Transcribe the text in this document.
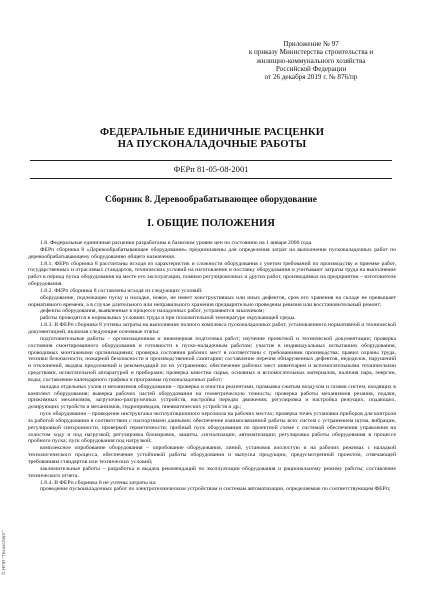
Приложение № 97
к приказу Министерства строительства и
жилищно-коммунального хозяйства
Российской Федерации
от 26 декабря 2019 г. № 876/пр
ФЕДЕРАЛЬНЫЕ ЕДИНИЧНЫЕ РАСЦЕНКИ
НА ПУСКОНАЛАДОЧНЫЕ РАБОТЫ
ФЕРп 81-05-08-2001
Сборник 8. Деревообрабатывающее оборудование
I. ОБЩИЕ ПОЛОЖЕНИЯ

1.8. Федеральные единичные расценки разработаны в базисном уровне цен по состоянию на 1 января 2000 года.

ФЕРп сборника 8 «Деревообрабатывающее оборудование» предназначены для определения затрат на выполнение пусконаладочных работ по деревообрабатывающему оборудованию общего назначения.

1.8.1. ФЕРп сборника 8 рассчитаны исходя из характеристик и сложности оборудования с учетом требований по производству и приемке работ, государственных и отраслевых стандартов, технических условий на изготовление и поставку оборудования и учитывают затраты труда на выполнение работ в период пуска оборудования на месте его эксплуатации, помимо регулировочных и других работ, производимых на предприятии – изготовителе оборудования.

1.8.2. ФЕРп сборника 8 составлены исходя из следующих условий:

оборудование, подлежащее пуску и наладке, новое, не имеет конструктивных или иных дефектов, срок его хранения на складе не превышает нормативного времени, а в случае длительного или неправильного хранения предварительно проведены ревизия или восстановительный ремонт;

дефекты оборудования, выявленные в процессе наладочных работ, устраняются заказчиком;

работы проводятся в нормальных условиях труда и при положительной температуре окружающей среды.

1.8.3. В ФЕРп сборника 8 учтены затраты на выполнение полного комплекса пусконаладочных работ, установленного нормативной и технической документацией, включая следующие основные этапы:

подготовительные работы – организационная и инженерная подготовка работ; изучение проектной и технической документации; проверка состояния смонтированного оборудования и готовности к пуско-наладочным работам; участие в индивидуальных испытаниях оборудования, проводимых монтажными организациями; проверка состояния рабочих мест в соответствии с требованиями производства; правил охраны труда, техники безопасности, пожарной безопасности и производственной санитарии; составление перечня обнаруженных дефектов, недоделок, нарушений и отклонений, выдача предложений и рекомендаций по их устранению; обеспечение рабочих мест инвентарем и вспомогательными техническими средствами, испытательной аппаратурой и приборами; проверка качества сырья, основных и вспомогательных материалов, наличия пара, энергии, воды; составление календарного графика и программы пусконаладочных работ;

наладка отдельных узлов и механизмов оборудования – проверка и очистка реагентами, промывка сжатым воздухом и газами систем, входящих в комплект оборудования; выверка рабочих частей оборудования на геометрическую точность; проверка работы механизмов резания, подачи, прижимных механизмов, загрузочно-разгрузочных устройств, настройка передач движения; регулировка и настройка режущих, подающих, дозирующих устройств и механизмов, гидроприводов, пневматических устройств и др.;

пуск оборудования – проведение инструктажа эксплуатационного персонала на рабочих местах; проверка точек установки приборов для контроля за работой оборудования в соответствии с паспортными данными; обеспечение взаимосвязанной работы всех систем с устранением шума, вибрации, регулировкой синхронности, проверкой герметичности; пробный пуск оборудования по проектной схеме с системой обеспечения управления на холостом ходу и под нагрузкой; регулировка блокировок, защиты, сигнализации, автоматизации; регулировка работы оборудования в процессе пробного пуска; пуск оборудования под нагрузкой;

комплексное опробование оборудования – опробование оборудования, линий, установок вхолостую и на рабочих режимах с наладкой технологического процесса, обеспечение устойчивой работы оборудования и выпуска продукции, предусмотренной проектом, отвечающей требованиям стандартов или технических условий;

заключительные работы – разработка и выдача рекомендаций по эксплуатации оборудования и рациональному режиму работы; составление технического отчета.

1.8.4. В ФЕРп сборника 8 не учтены затраты на:

проведение пусконаладочных работ по электротехническим устройствам и системам автоматизации, определяемые по соответствующим ФЕРп;

© НПИ "Техэксперт"
